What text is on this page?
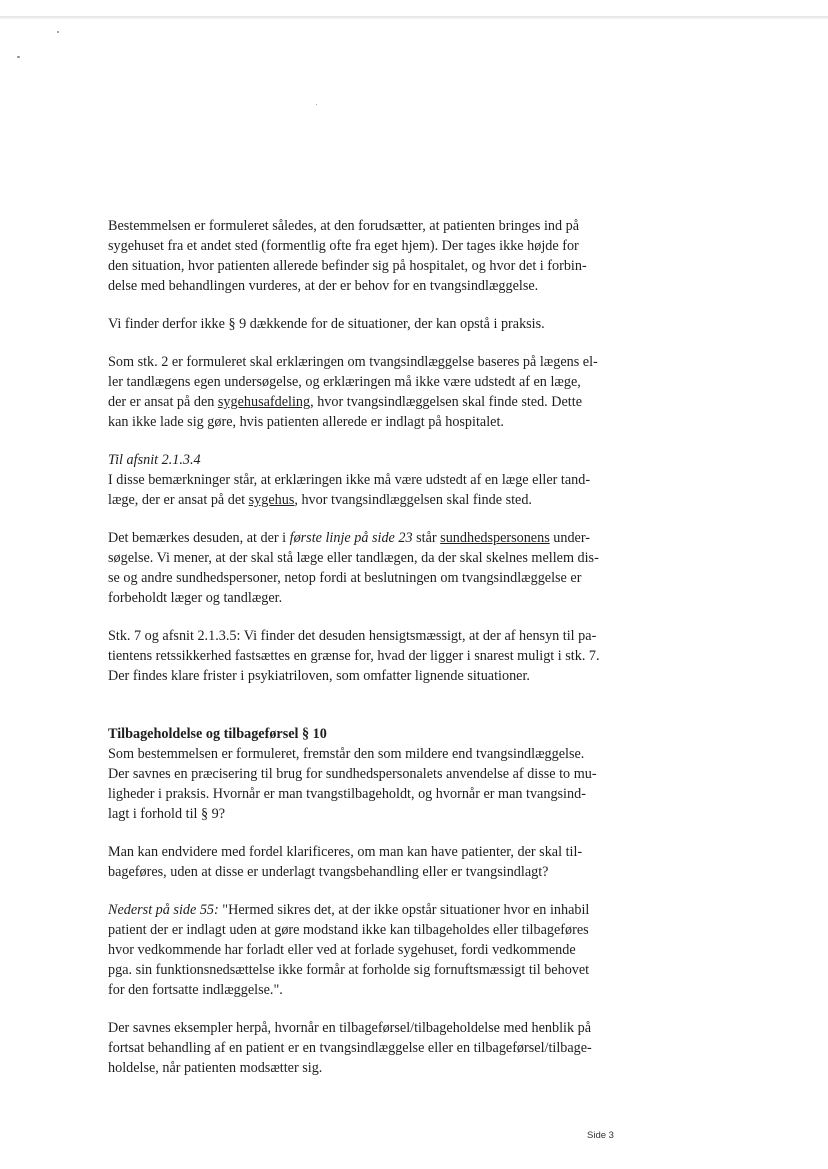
Bestemmelsen er formuleret således, at den forudsætter, at patienten bringes ind på
sygehuset fra et andet sted (formentlig ofte fra eget hjem). Der tages ikke højde for
den situation, hvor patienten allerede befinder sig på hospitalet, og hvor det i forbin-
delse med behandlingen vurderes, at der er behov for en tvangsindlæggelse.

Vi finder derfor ikke § 9 dækkende for de situationer, der kan opstå i praksis.

Som stk. 2 er formuleret skal erklæringen om tvangsindlæggelse baseres på lægens el-
ler tandlægens egen undersøgelse, og erklæringen må ikke være udstedt af en læge,
der er ansat på den sygehusafdeling, hvor tvangsindlæggelsen skal finde sted. Dette
kan ikke lade sig gøre, hvis patienten allerede er indlagt på hospitalet.

Til afsnit 2.1.3.4

I disse bemærkninger står, at erklæringen ikke må være udstedt af en læge eller tand-
læge, der er ansat på det sygehus, hvor tvangsindlæggelsen skal finde sted.

Det bemærkes desuden, at der i første linje på side 23 står sundhedspersonens under-
søgelse. Vi mener, at der skal stå læge eller tandlægen, da der skal skelnes mellem dis-
se og andre sundhedspersoner, netop fordi at beslutningen om tvangsindlæggelse er
forbeholdt læger og tandlæger.

Stk. 7 og afsnit 2.1.3.5: Vi finder det desuden hensigtsmæssigt, at der af hensyn til pa-
tientens retssikkerhed fastsættes en grænse for, hvad der ligger i snarest muligt i stk. 7.
Der findes klare frister i psykiatriloven, som omfatter lignende situationer.

Tilbageholdelse og tilbageførsel § 10

Som bestemmelsen er formuleret, fremstår den som mildere end tvangsindlæggelse.
Der savnes en præcisering til brug for sundhedspersonalets anvendelse af disse to mu-
ligheder i praksis. Hvornår er man tvangstilbageholdt, og hvornår er man tvangsind-
lagt i forhold til § 9?

Man kan endvidere med fordel klarificeres, om man kan have patienter, der skal til-
bageføres, uden at disse er underlagt tvangsbehandling eller er tvangsindlagt?

Nederst på side 55: "Hermed sikres det, at der ikke opstår situationer hvor en inhabil
patient der er indlagt uden at gøre modstand ikke kan tilbageholdes eller tilbageføres
hvor vedkommende har forladt eller ved at forlade sygehuset, fordi vedkommende
pga. sin funktionsnedsættelse ikke formår at forholde sig fornuftsmæssigt til behovet
for den fortsatte indlæggelse.".

Der savnes eksempler herpå, hvornår en tilbageførsel/tilbageholdelse med henblik på
fortsat behandling af en patient er en tvangsindlæggelse eller en tilbageførsel/tilbage-
holdelse, når patienten modsætter sig.

Side 3
